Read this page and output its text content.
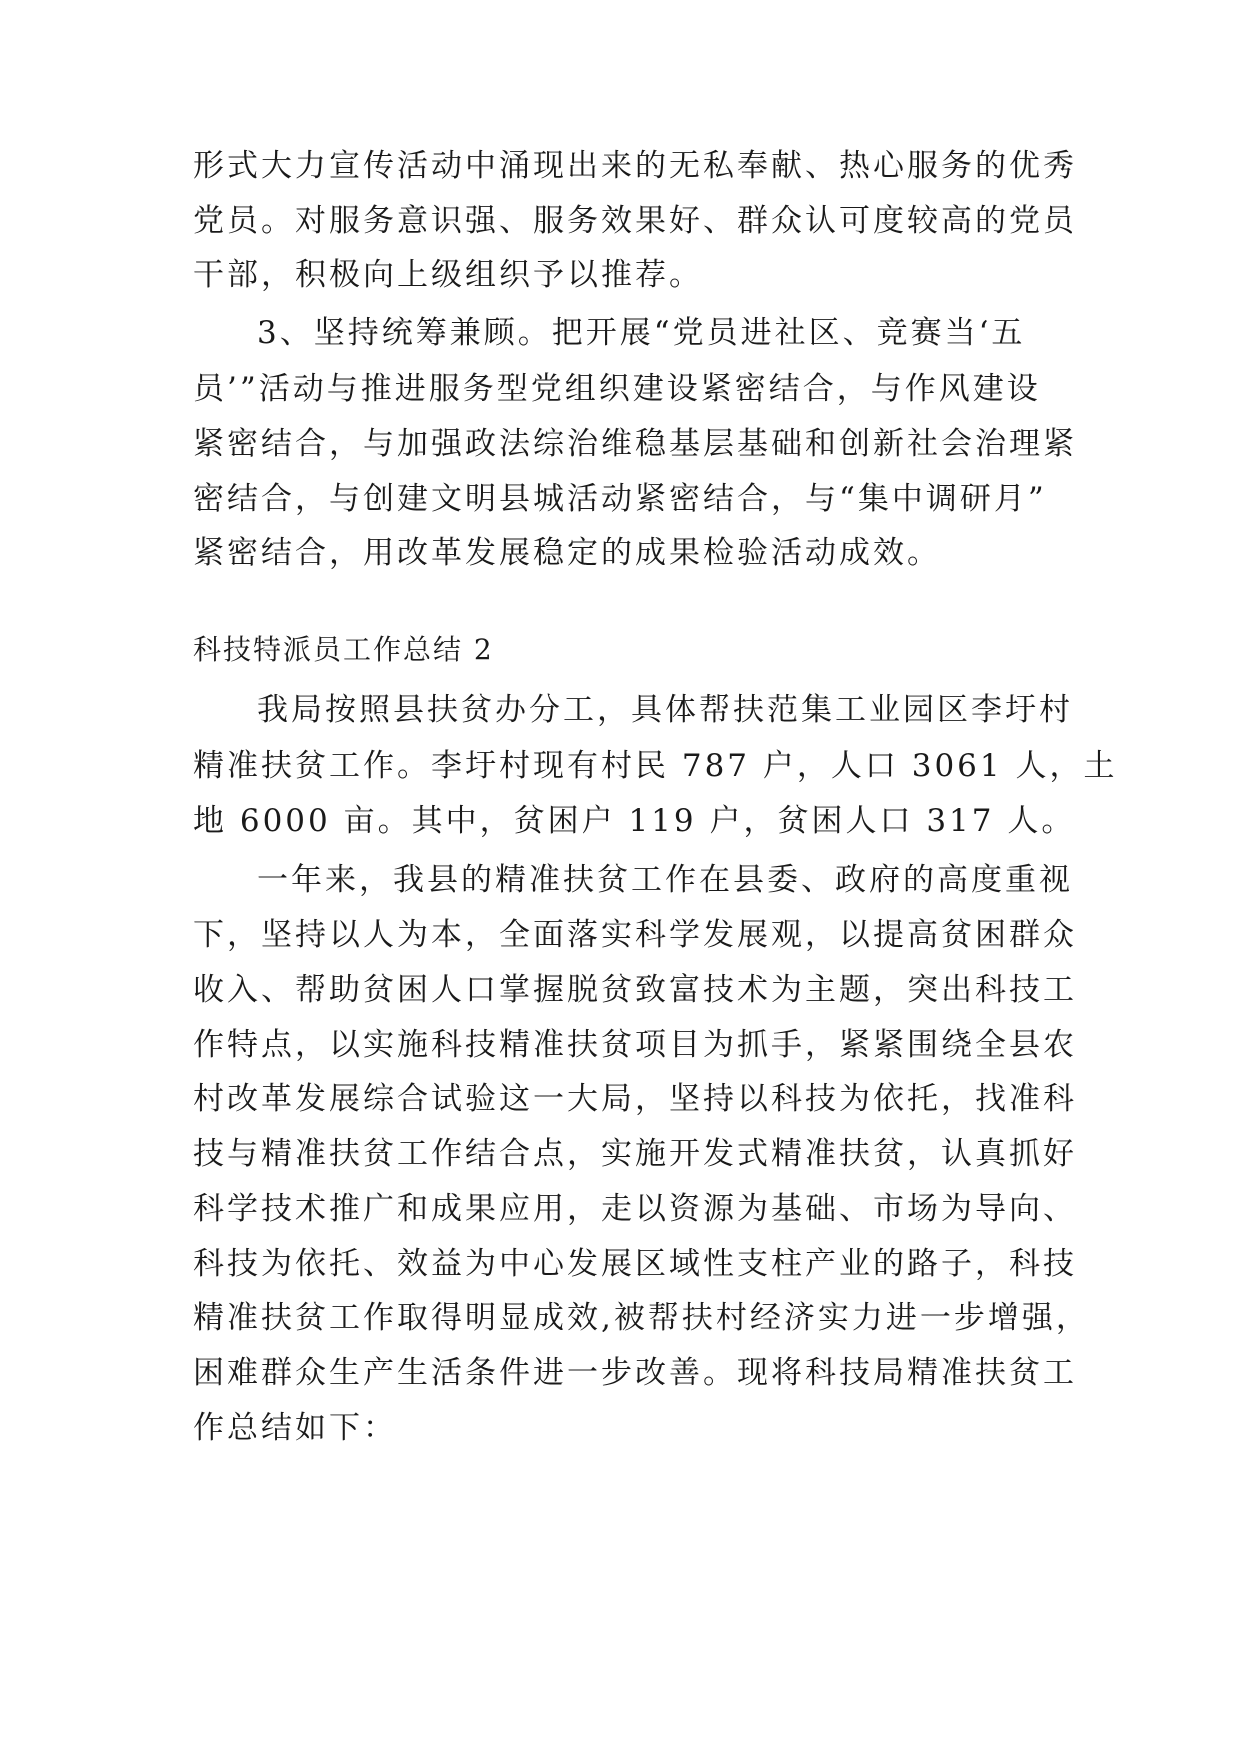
形式大力宣传活动中涌现出来的无私奉献、热心服务的优秀
党员。对服务意识强、服务效果好、群众认可度较高的党员
干部，积极向上级组织予以推荐。
3、坚持统筹兼顾。把开展“党员进社区、竞赛当‘五
员’”活动与推进服务型党组织建设紧密结合，与作风建设
紧密结合，与加强政法综治维稳基层基础和创新社会治理紧
密结合，与创建文明县城活动紧密结合，与“集中调研月”
紧密结合，用改革发展稳定的成果检验活动成效。
科技特派员工作总结 2
我局按照县扶贫办分工，具体帮扶范集工业园区李圩村
精准扶贫工作。李圩村现有村民 787 户，人口 3061 人，土
地 6000 亩。其中，贫困户 119 户，贫困人口 317 人。
一年来，我县的精准扶贫工作在县委、政府的高度重视
下，坚持以人为本，全面落实科学发展观，以提高贫困群众
收入、帮助贫困人口掌握脱贫致富技术为主题，突出科技工
作特点，以实施科技精准扶贫项目为抓手，紧紧围绕全县农
村改革发展综合试验这一大局，坚持以科技为依托，找准科
技与精准扶贫工作结合点，实施开发式精准扶贫，认真抓好
科学技术推广和成果应用，走以资源为基础、市场为导向、
科技为依托、效益为中心发展区域性支柱产业的路子，科技
精准扶贫工作取得明显成效,被帮扶村经济实力进一步增强，
困难群众生产生活条件进一步改善。现将科技局精准扶贫工
作总结如下：
